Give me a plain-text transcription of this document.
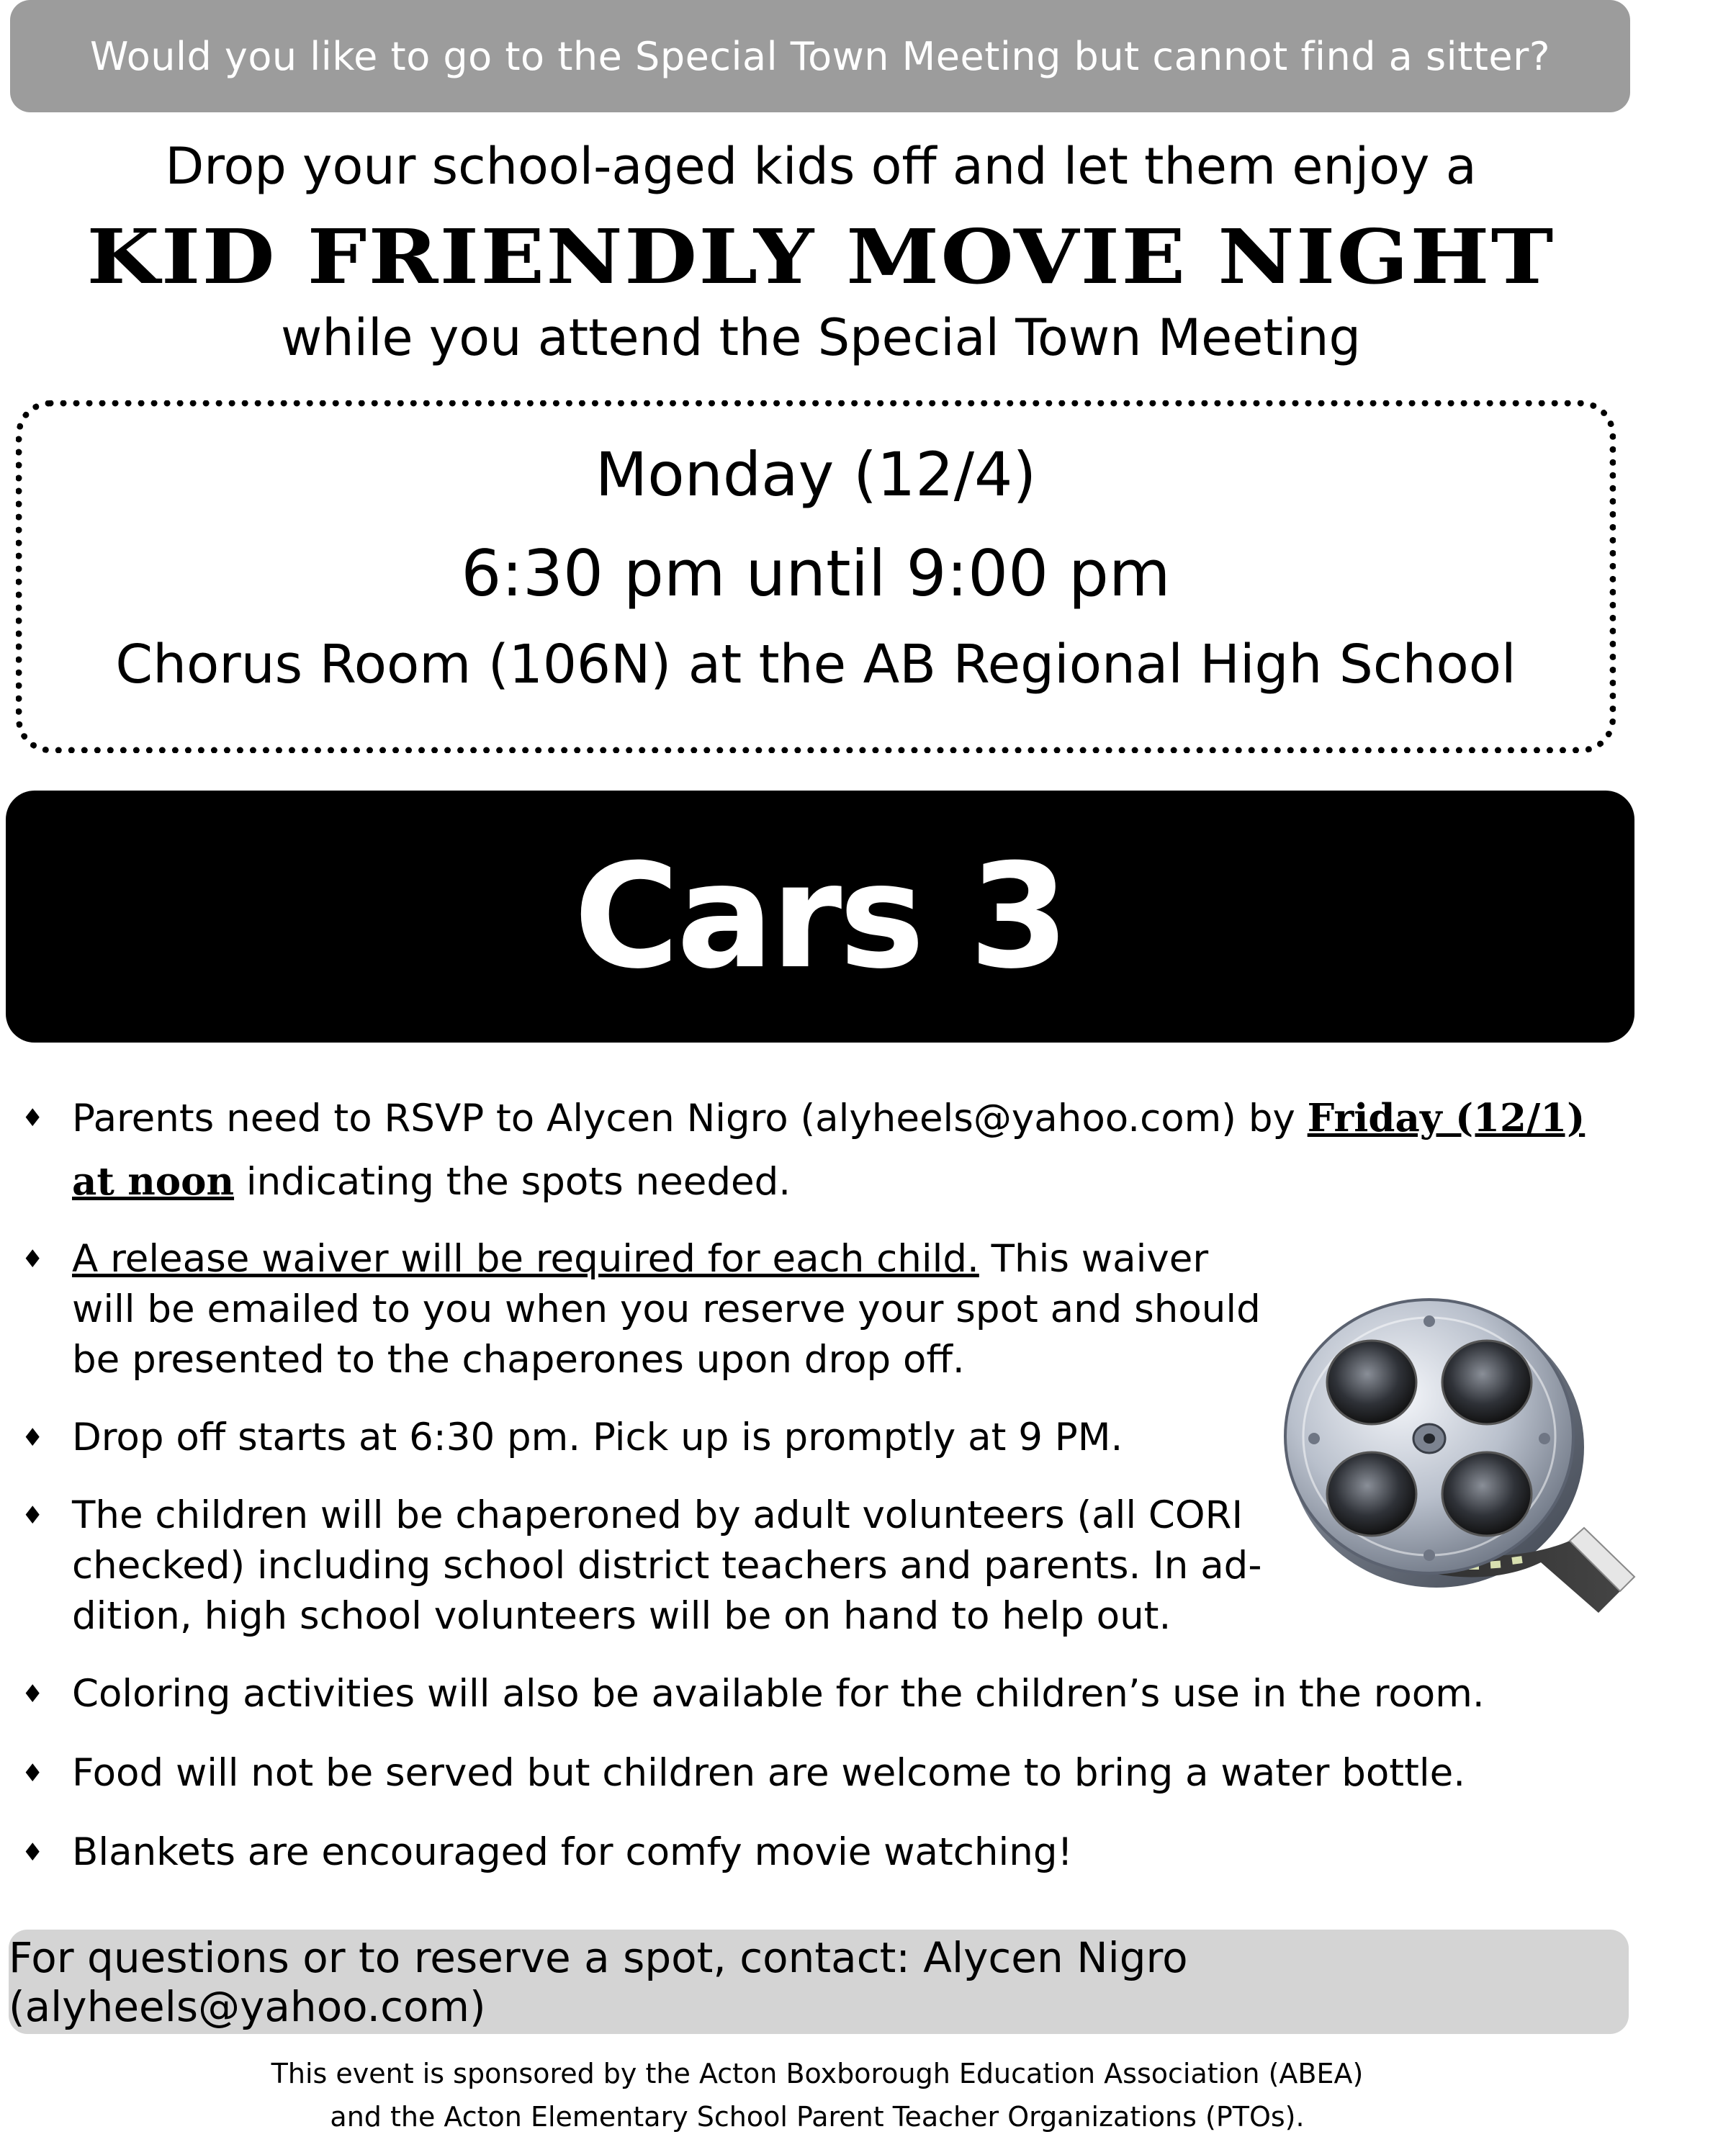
Would you like to go to the Special Town Meeting but cannot find a sitter?
Drop your school-aged kids off and let them enjoy a
KID FRIENDLY MOVIE NIGHT
while you attend the Special Town Meeting
Monday (12/4)
6:30 pm until 9:00 pm
Chorus Room (106N) at the AB Regional High School
Cars 3
♦ Parents need to RSVP to Alycen Nigro (alyheels@yahoo.com) by Friday (12/1)
at noon indicating the spots needed.
♦ A release waiver will be required for each child. This waiver
will be emailed to you when you reserve your spot and should
be presented to the chaperones upon drop off.
♦ Drop off starts at 6:30 pm. Pick up is promptly at 9 PM.
♦ The children will be chaperoned by adult volunteers (all CORI
checked) including school district teachers and parents. In ad-
dition, high school volunteers will be on hand to help out.
♦ Coloring activities will also be available for the children’s use in the room.
♦ Food will not be served but children are welcome to bring a water bottle.
♦ Blankets are encouraged for comfy movie watching!
For questions or to reserve a spot, contact: Alycen Nigro (alyheels@yahoo.com)
This event is sponsored by the Acton Boxborough Education Association (ABEA)
and the Acton Elementary School Parent Teacher Organizations (PTOs).
